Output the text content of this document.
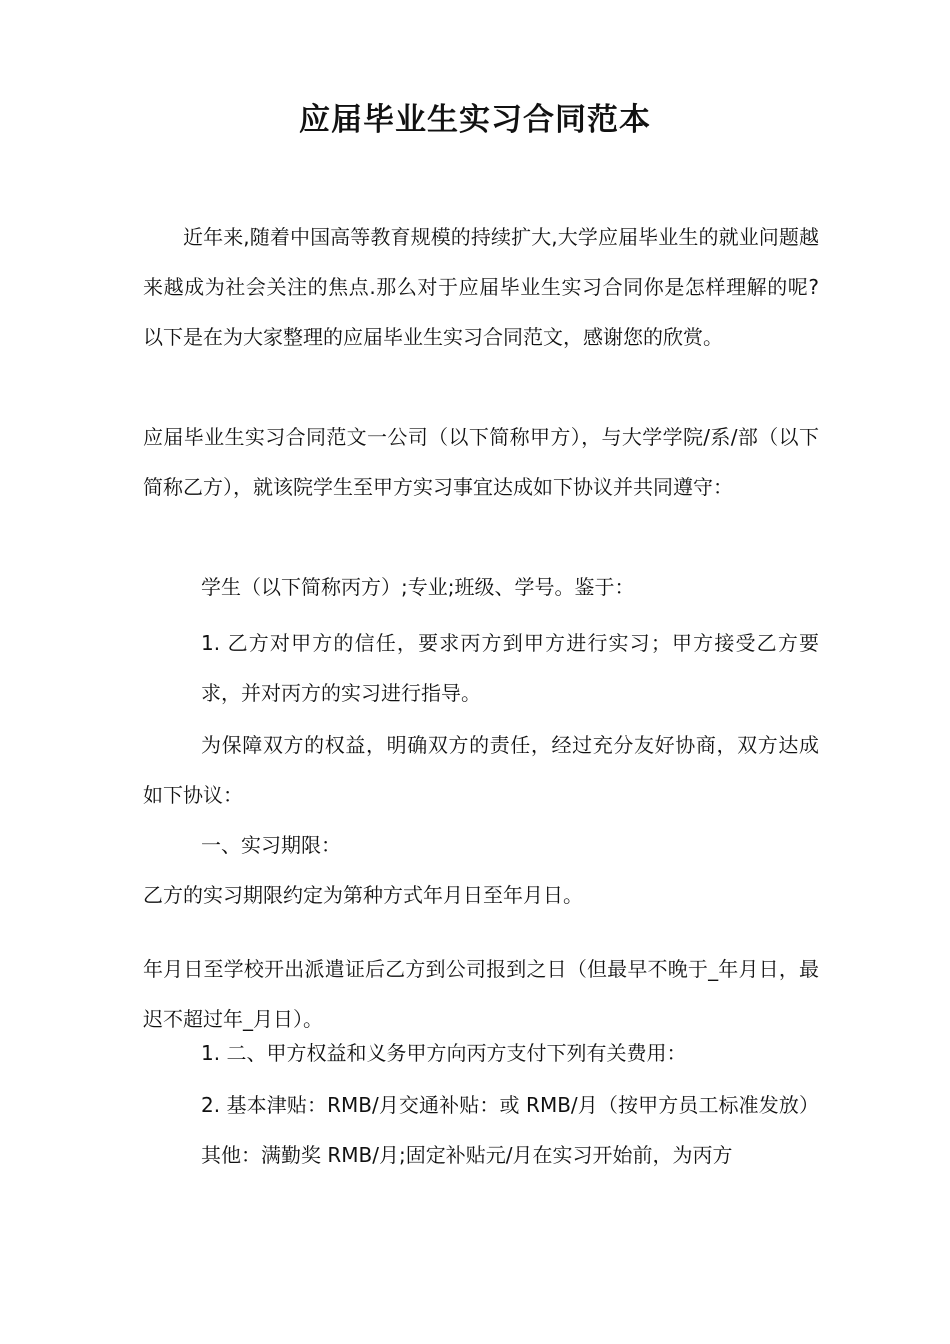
应届毕业生实习合同范本

近年来,随着中国高等教育规模的持续扩大,大学应届毕业生的就业问题越来越成为社会关注的焦点.那么对于应届毕业生实习合同你是怎样理解的呢?以下是在为大家整理的应届毕业生实习合同范文，感谢您的欣赏。

应届毕业生实习合同范文一公司（以下简称甲方），与大学学院/系/部（以下简称乙方），就该院学生至甲方实习事宜达成如下协议并共同遵守：

学生（以下简称丙方）;专业;班级、学号。鉴于：

1. 乙方对甲方的信任，要求丙方到甲方进行实习；甲方接受乙方要求，并对丙方的实习进行指导。

为保障双方的权益，明确双方的责任，经过充分友好协商，双方达成如下协议：

一、实习期限：

乙方的实习期限约定为第种方式年月日至年月日。

年月日至学校开出派遣证后乙方到公司报到之日（但最早不晚于_年月日，最迟不超过年_月日）。

1. 二、甲方权益和义务甲方向丙方支付下列有关费用：

2. 基本津贴：RMB/月交通补贴：或 RMB/月（按甲方员工标准发放）其他：满勤奖 RMB/月;固定补贴元/月在实习开始前，为丙方
